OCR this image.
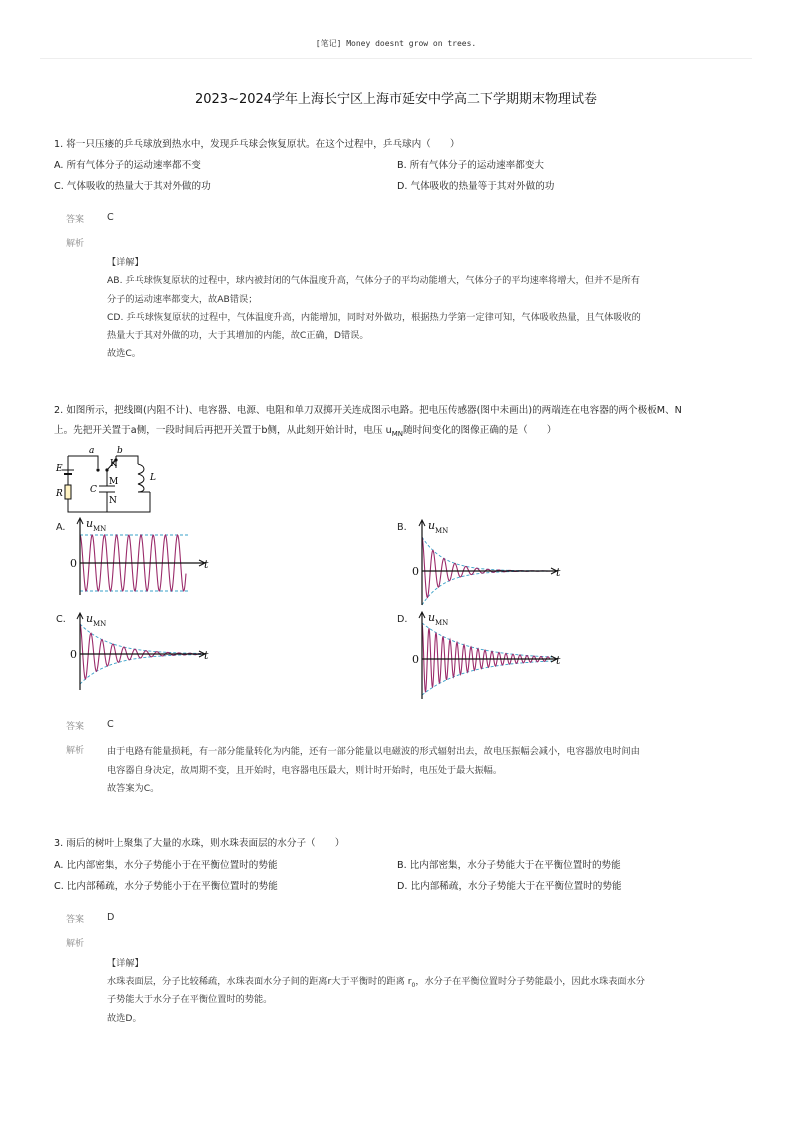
[笔记] Money doesnt grow on trees.
2023~2024学年上海长宁区上海市延安中学高二下学期期末物理试卷
1. 将一只压瘘的乒乓球放到热水中，发现乒乓球会恢复原状。在这个过程中，乒乓球内（　　）
A. 所有气体分子的运动速率都不变	B. 所有气体分子的运动速率都变大
C. 气体吸收的热量大于其对外做的功	D. 气体吸收的热量等于其对外做的功
答案 C
解析
【详解】
AB. 乒乓球恢复原状的过程中，球内被封闭的气体温度升高，气体分子的平均动能增大，气体分子的平均速率将增大，但并不是所有
分子的运动速率都变大，故AB错误；
CD. 乒乓球恢复原状的过程中，气体温度升高，内能增加，同时对外做功，根据热力学第一定律可知，气体吸收热量，且气体吸收的
热量大于其对外做的功，大于其增加的内能，故C正确，D错误。
故选C。
2. 如图所示，把线圈(内阻不计)、电容器、电源、电阻和单刀双掷开关连成图示电路。把电压传感器(图中未画出)的两端连在电容器的两个极板M、N
上。先把开关置于a侧，一段时间后再把开关置于b侧，从此刻开始计时，电压 $u_{MN}$随时间变化的图像正确的是（　　）
E
R
a	b
K
M
C
N
L
A.	B.
C.	D.
u MN
0	t
u MN
0	t
u MN
0	t
u MN
0	t
答案 C
解析 由于电路有能量损耗，有一部分能量转化为内能，还有一部分能量以电磁波的形式辐射出去，故电压振幅会减小，电容器放电时间由
电容器自身决定，故周期不变，且开始时，电容器电压最大，则计时开始时，电压处于最大振幅。
故答案为C。
3. 雨后的树叶上聚集了大量的水珠，则水珠表面层的水分子（　　）
A. 比内部密集，水分子势能小于在平衡位置时的势能	B. 比内部密集，水分子势能大于在平衡位置时的势能
C. 比内部稀疏，水分子势能小于在平衡位置时的势能	D. 比内部稀疏，水分子势能大于在平衡位置时的势能
答案 D
解析
【详解】
水珠表面层，分子比较稀疏，水珠表面水分子间的距离r大于平衡时的距离 $r_0$，水分子在平衡位置时分子势能最小，因此水珠表面水分
子势能大于水分子在平衡位置时的势能。
故选D。
